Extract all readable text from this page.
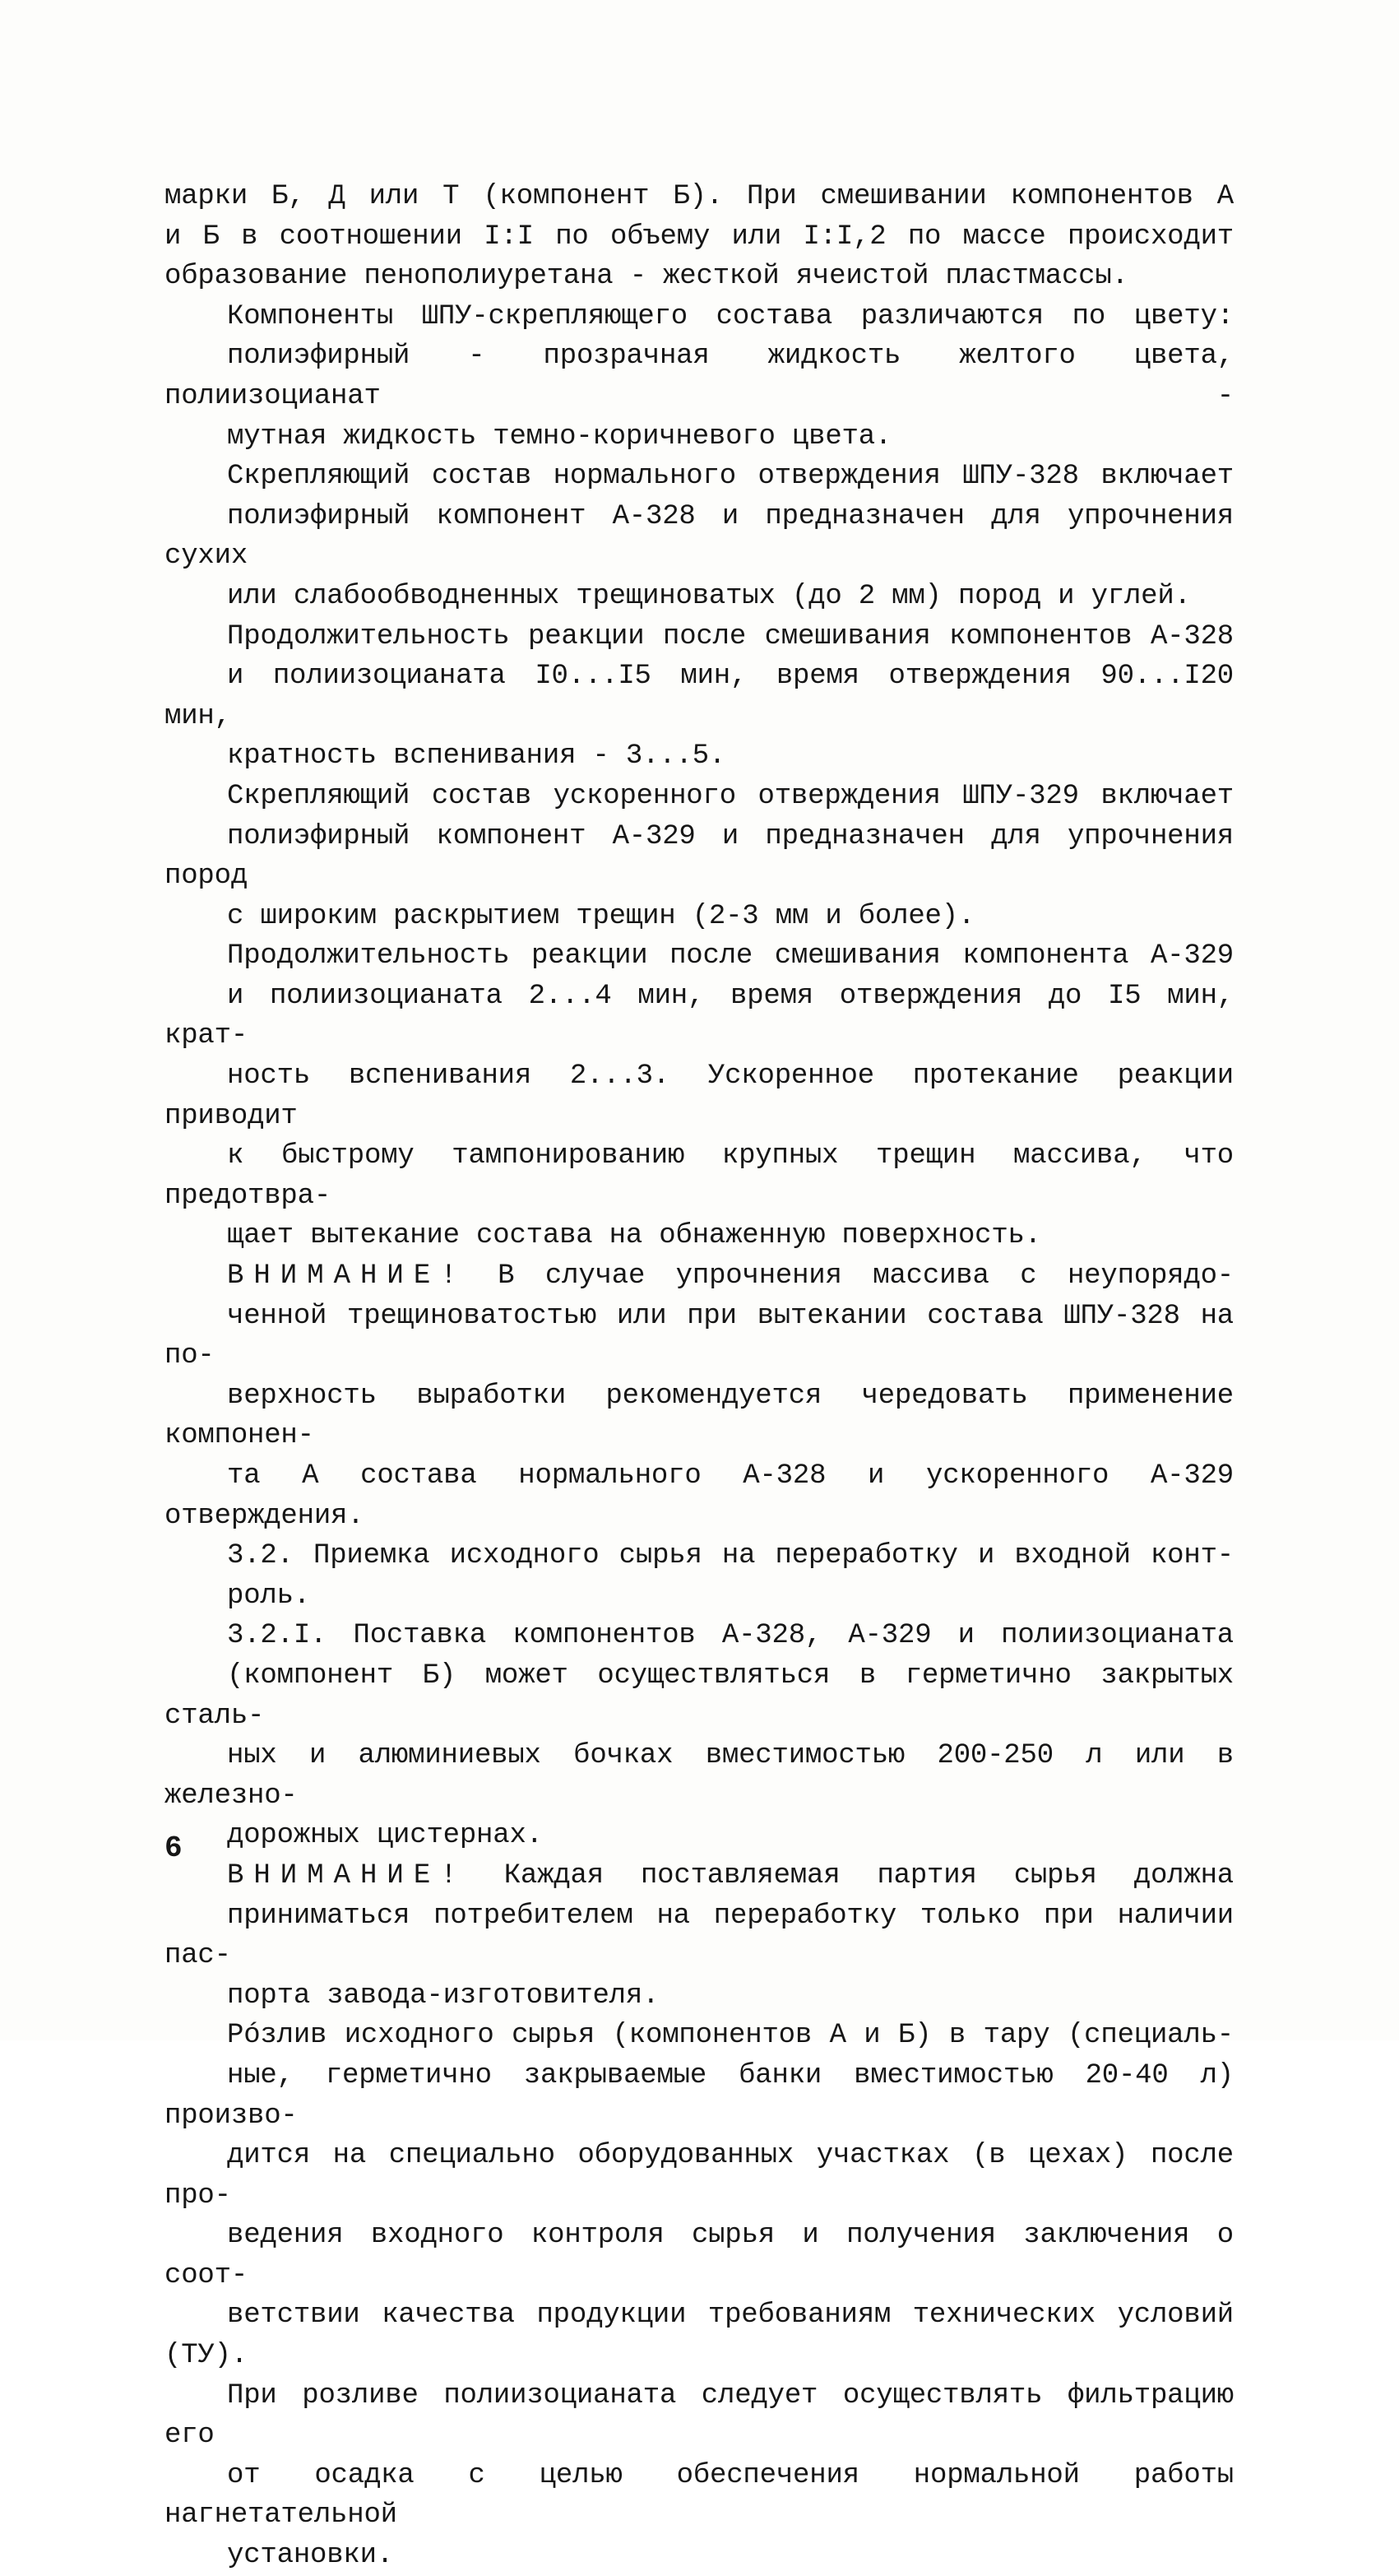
марки Б, Д или Т (компонент Б). При смешивании компонентов А
и Б в соотношении I:I по объему или I:I,2 по массе происходит
образование пенополиуретана - жесткой ячеистой пластмассы.
Компоненты ШПУ-скрепляющего состава различаются по цвету:
полиэфирный - прозрачная жидкость желтого цвета, полиизоцианат -
мутная жидкость темно-коричневого цвета.
Скрепляющий состав нормального отверждения ШПУ-328 включает
полиэфирный компонент А-328 и предназначен для упрочнения сухих
или слабообводненных трещиноватых (до 2 мм) пород и углей.
Продолжительность реакции после смешивания компонентов А-328
и полиизоцианата I0...I5 мин, время отверждения 90...I20 мин,
кратность вспенивания - 3...5.
Скрепляющий состав ускоренного отверждения ШПУ-329 включает
полиэфирный компонент А-329 и предназначен для упрочнения пород
с широким раскрытием трещин (2-3 мм и более).
Продолжительность реакции после смешивания компонента А-329
и полиизоцианата 2...4 мин, время отверждения до I5 мин, крат-
ность вспенивания 2...3. Ускоренное протекание реакции приводит
к быстрому тампонированию крупных трещин массива, что предотвра-
щает вытекание состава на обнаженную поверхность.
ВНИМАНИЕ! В случае упрочнения массива с неупорядо-
ченной трещиноватостью или при вытекании состава ШПУ-328 на по-
верхность выработки рекомендуется чередовать применение компонен-
та А состава нормального А-328 и ускоренного А-329 отверждения.
3.2. Приемка исходного сырья на переработку и входной конт-
роль.
3.2.I. Поставка компонентов А-328, А-329 и полиизоцианата
(компонент Б) может осуществляться в герметично закрытых сталь-
ных и алюминиевых бочках вместимостью 200-250 л или в железно-
дорожных цистернах.
ВНИМАНИЕ! Каждая поставляемая партия сырья должна
приниматься потребителем на переработку только при наличии пас-
порта завода-изготовителя.
Рóзлив исходного сырья (компонентов А и Б) в тару (специаль-
ные, герметично закрываемые банки вместимостью 20-40 л) произво-
дится на специально оборудованных участках (в цехах) после про-
ведения входного контроля сырья и получения заключения о соот-
ветствии качества продукции требованиям технических условий (ТУ).
При розливе полиизоцианата следует осуществлять фильтрацию его
от осадка с целью обеспечения нормальной работы нагнетательной
установки.
6
